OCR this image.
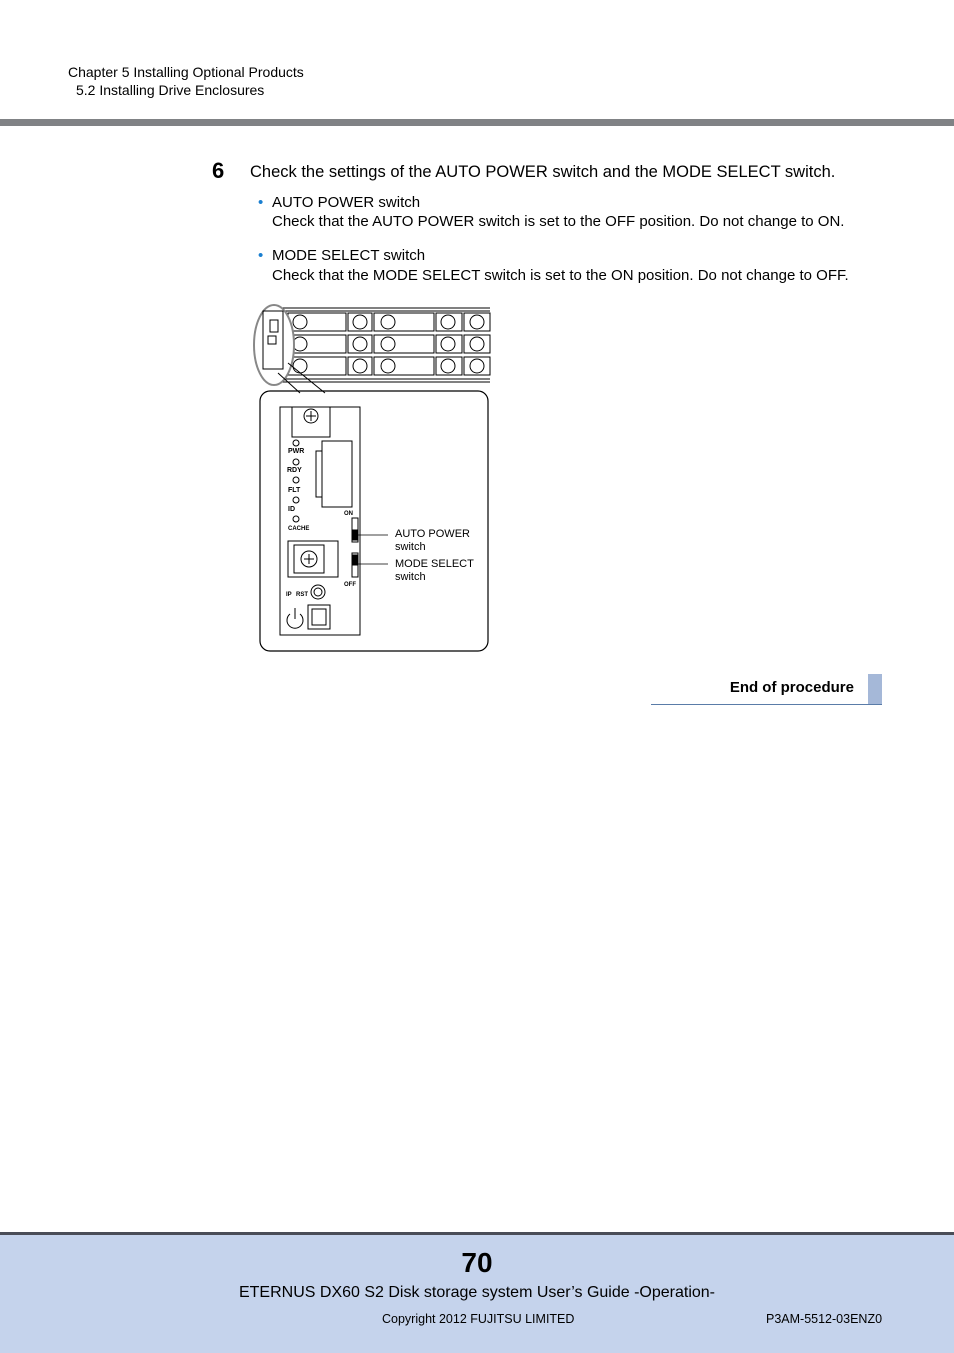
Chapter 5 Installing Optional Products
5.2 Installing Drive Enclosures
6 Check the settings of the AUTO POWER switch and the MODE SELECT switch.
• AUTO POWER switch
Check that the AUTO POWER switch is set to the OFF position. Do not change to ON.
• MODE SELECT switch
Check that the MODE SELECT switch is set to the ON position. Do not change to OFF.
PWR
RDY
FLT
ID
CACHE
ON
OFF
IP RST
AUTO POWER
switch
MODE SELECT
switch
End of procedure
70
ETERNUS DX60 S2 Disk storage system User’s Guide -Operation-
Copyright 2012 FUJITSU LIMITED	P3AM-5512-03ENZ0
